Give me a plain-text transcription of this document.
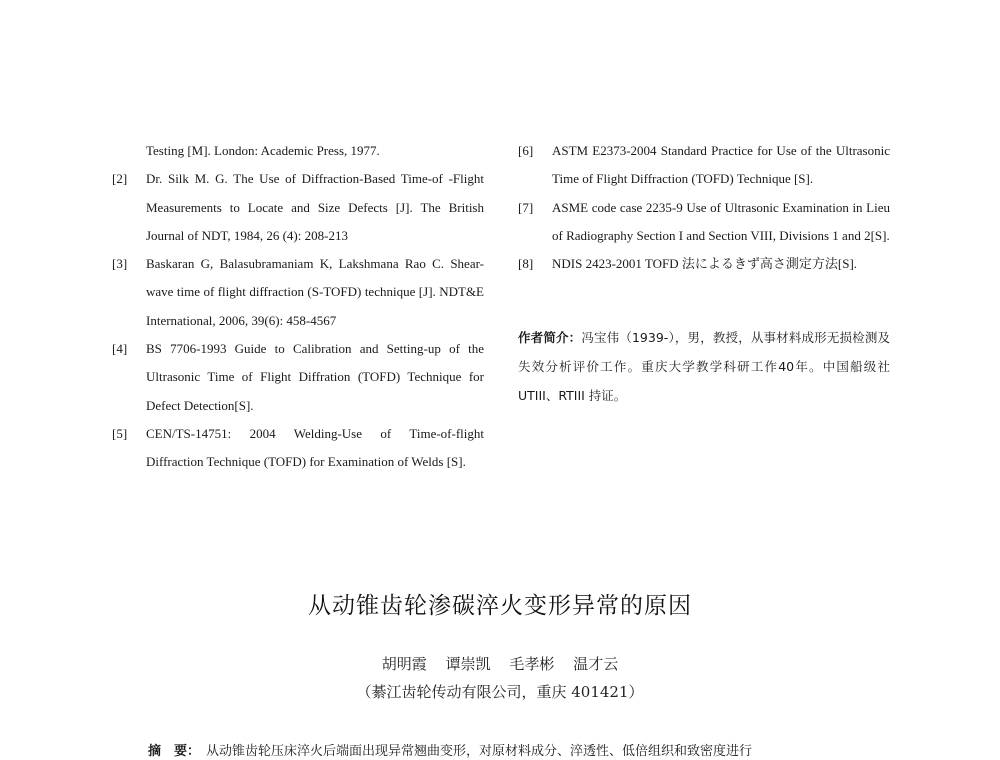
Testing [M]. London: Academic Press, 1977.
[2]	Dr. Silk M. G. The Use of Diffraction-Based Time-of -Flight Measurements to Locate and Size Defects [J]. The British Journal of NDT, 1984, 26 (4): 208-213
[3]	Baskaran G, Balasubramaniam K, Lakshmana Rao C. Shear-wave time of flight diffraction (S-TOFD) technique [J]. NDT&E International, 2006, 39(6): 458-4567
[4]	BS 7706-1993 Guide to Calibration and Setting-up of the Ultrasonic Time of Flight Diffration (TOFD) Technique for Defect Detection[S].
[5]	CEN/TS-14751: 2004 Welding-Use of Time-of-flight Diffraction Technique (TOFD) for Examination of Welds [S].
[6]	ASTM E2373-2004 Standard Practice for Use of the Ultrasonic Time of Flight Diffraction (TOFD) Technique [S].
[7]	ASME code case 2235-9 Use of Ultrasonic Examination in Lieu of Radiography Section I and Section VIII, Divisions 1 and 2[S].
[8]	NDIS 2423-2001 TOFD 法によるきず高さ測定方法[S].
作者简介：冯宝伟（1939-），男，教授，从事材料成形无损检测及失效分析评价工作。重庆大学教学科研工作40年。中国船级社 UTIII、RTIII 持证。
从动锥齿轮渗碳淬火变形异常的原因
胡明霞 谭崇凯 毛孝彬 温才云
（綦江齿轮传动有限公司，重庆 401421）
摘　要： 从动锥齿轮压床淬火后端面出现异常翘曲变形，对原材料成分、淬透性、低倍组织和致密度进行
